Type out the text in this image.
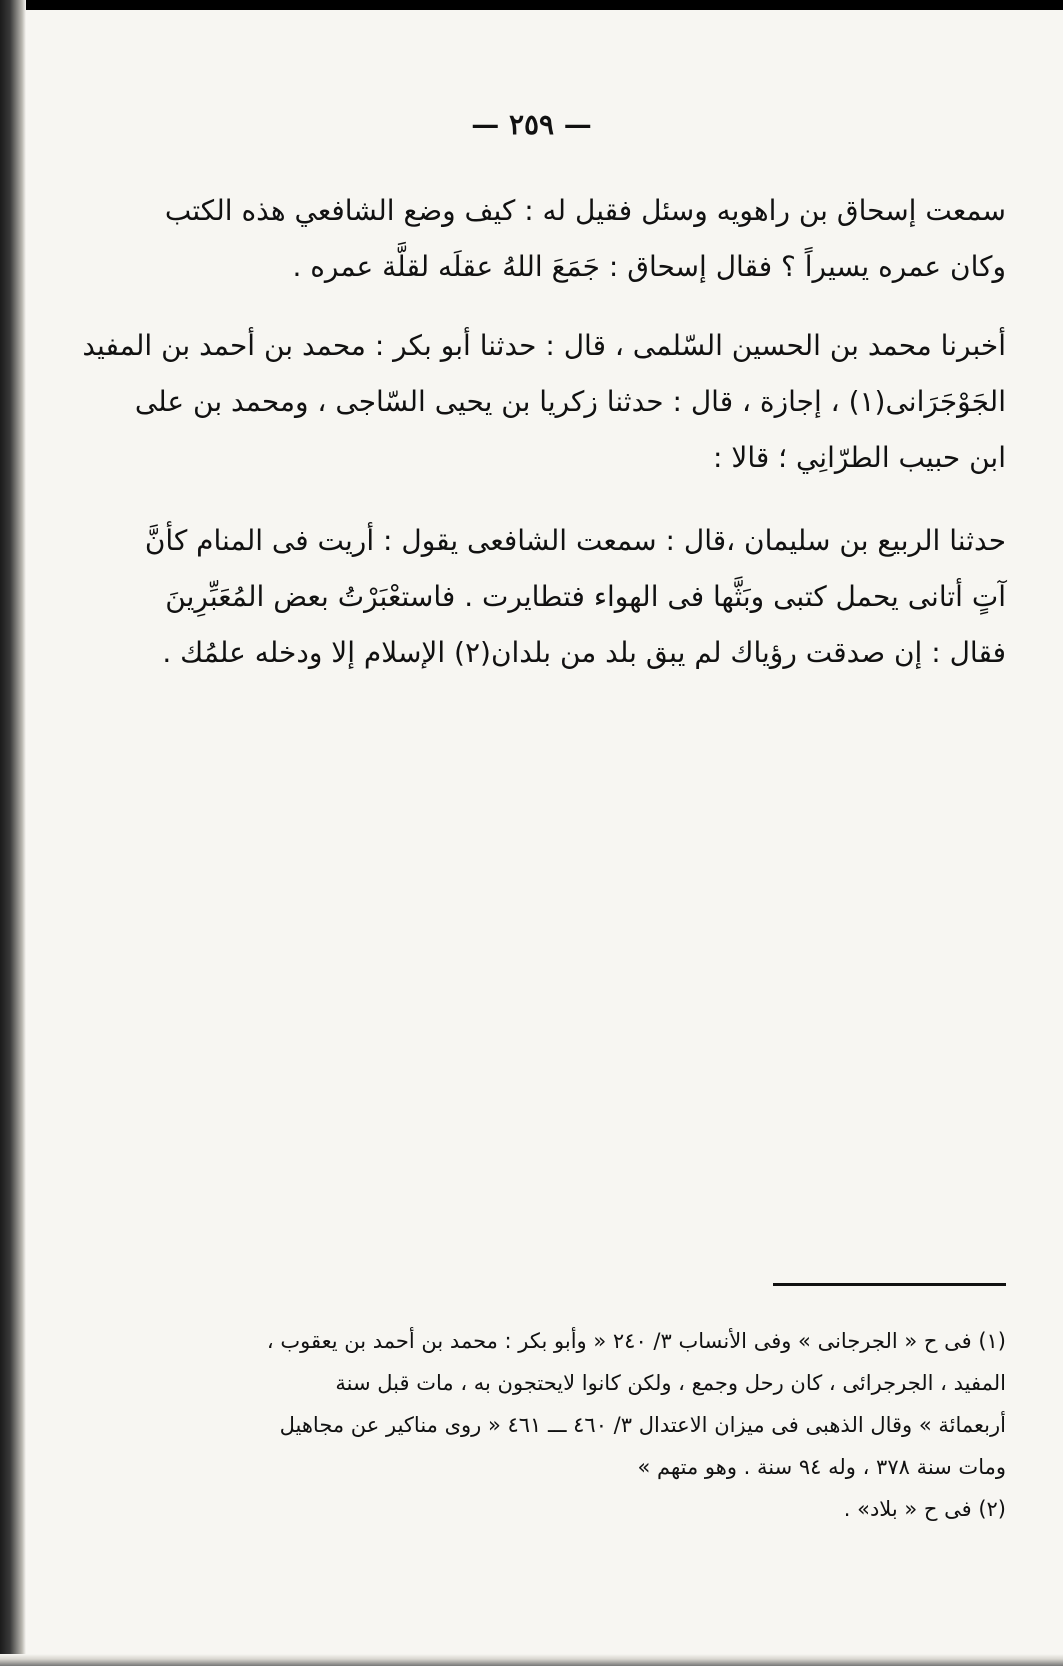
— ٢٥٩ —

سمعت إسحاق بن راهويه وسئل فقيل له : كيف وضع الشافعي هذه الكتب

وكان عمره يسيراً ؟ فقال إسحاق : جَمَعَ اللهُ عقلَه لقلَّة عمره .

أخبرنا محمد بن الحسين السّلمى ، قال : حدثنا أبو بكر : محمد بن أحمد بن المفيد

الجَوْجَرَانى(١) ، إجازة ، قال : حدثنا زكريا بن يحيى السّاجى ، ومحمد بن على

ابن حبيب الطرّانِي ؛ قالا :

حدثنا الربيع بن سليمان ،قال : سمعت الشافعى يقول : أريت فى المنام كأنَّ

آتٍ أتانى يحمل كتبى وبَثَّها فى الهواء فتطايرت . فاستعْبَرْتُ بعض المُعَبِّرِينَ

فقال : إن صدقت رؤياك لم يبق بلد من بلدان(٢) الإسلام إلا ودخله علمُك .

(١) فى ح « الجرجانى » وفى الأنساب ٣/ ٢٤٠ « وأبو بكر : محمد بن أحمد بن يعقوب ،

المفيد ، الجرجرائى ، كان رحل وجمع ، ولكن كانوا لايحتجون به ، مات قبل سنة

أربعمائة » وقال الذهبى فى ميزان الاعتدال ٣/ ٤٦٠ ـــ ٤٦١ « روى مناكير عن مجاهيل

ومات سنة ٣٧٨ ، وله ٩٤ سنة . وهو متهم »

(٢) فى ح « بلاد» .
